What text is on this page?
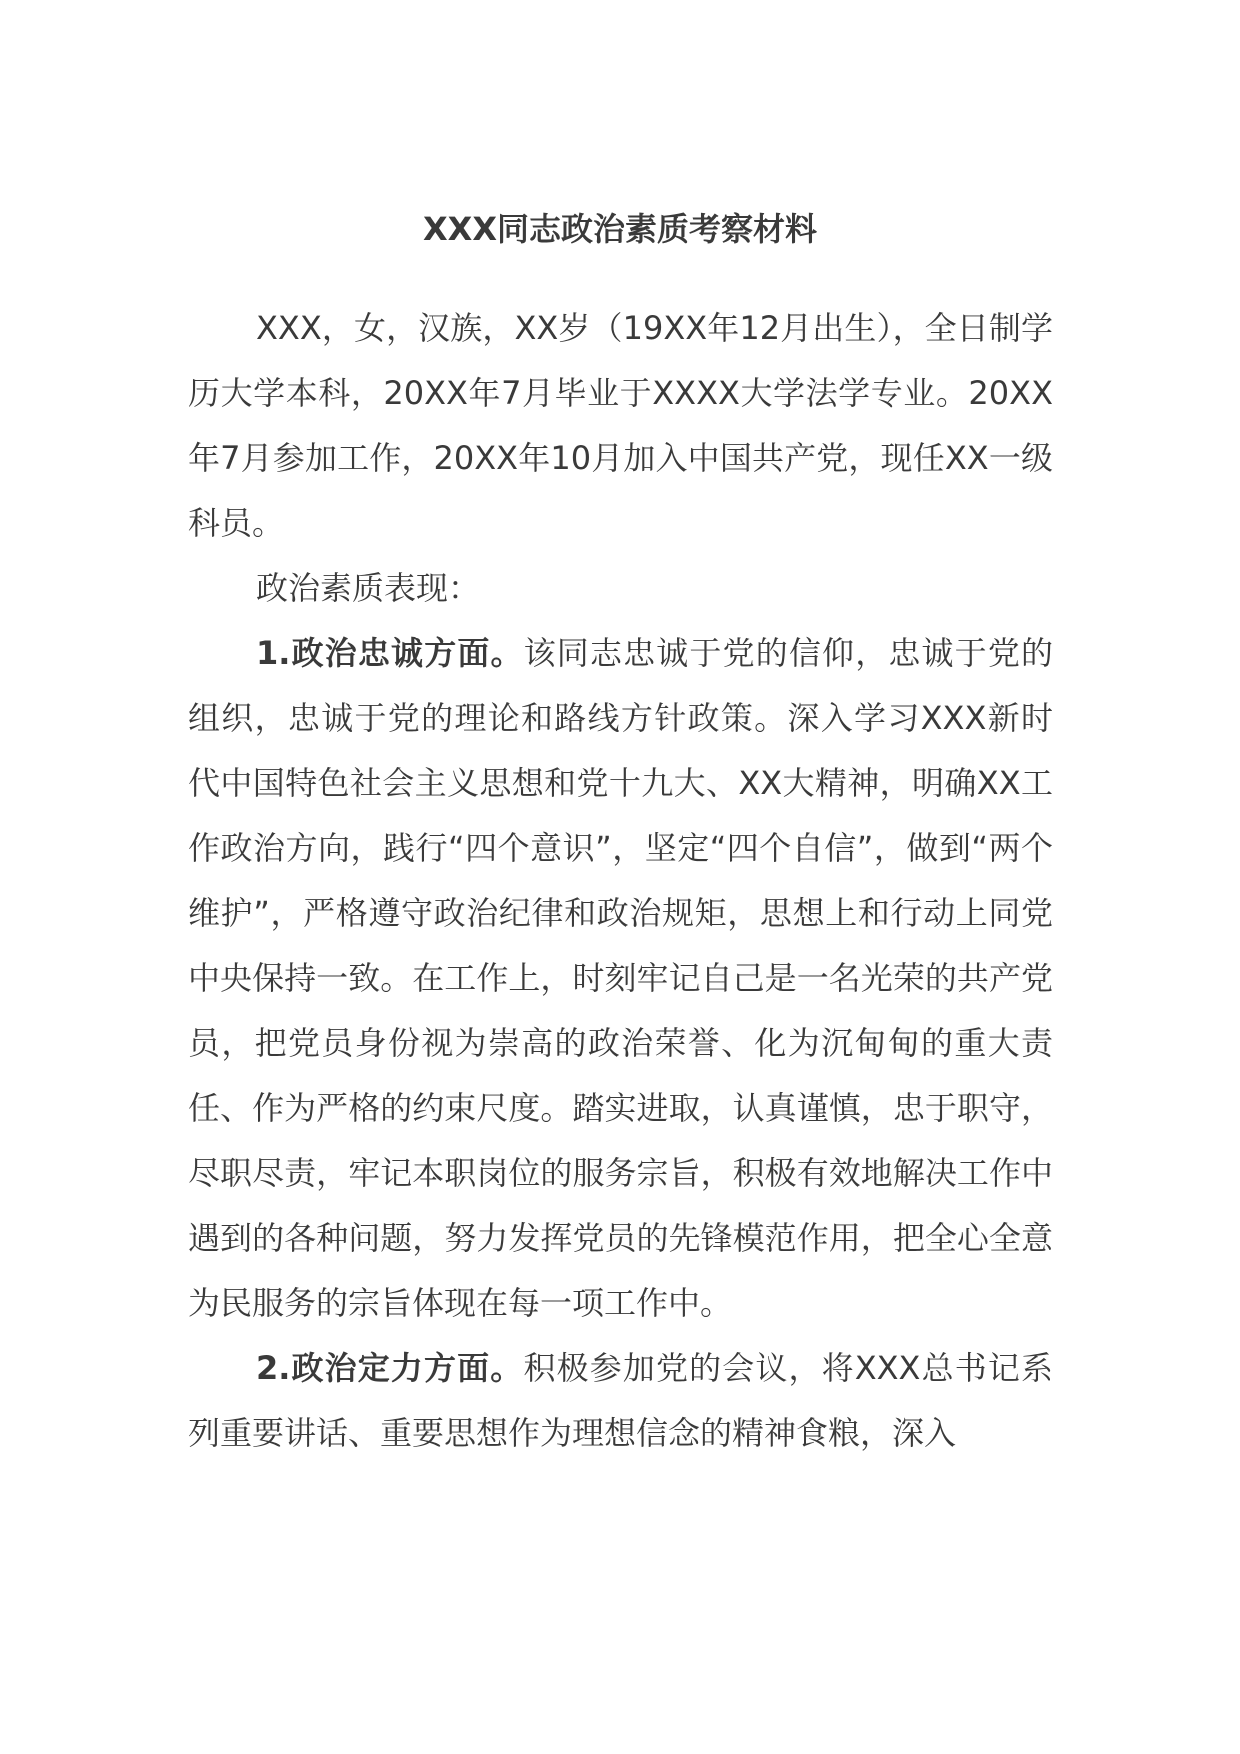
XXX同志政治素质考察材料

XXX，女，汉族，XX岁（19XX年12月出生），全日制学历大学本科，20XX年7月毕业于XXXX大学法学专业。20XX年7月参加工作，20XX年10月加入中国共产党，现任XX一级科员。

政治素质表现：

1.政治忠诚方面。该同志忠诚于党的信仰，忠诚于党的组织，忠诚于党的理论和路线方针政策。深入学习XXX新时代中国特色社会主义思想和党十九大、XX大精神，明确XX工作政治方向，践行“四个意识”，坚定“四个自信”，做到“两个维护”，严格遵守政治纪律和政治规矩，思想上和行动上同党中央保持一致。在工作上，时刻牢记自己是一名光荣的共产党员，把党员身份视为崇高的政治荣誉、化为沉甸甸的重大责任、作为严格的约束尺度。踏实进取，认真谨慎，忠于职守，尽职尽责，牢记本职岗位的服务宗旨，积极有效地解决工作中遇到的各种问题，努力发挥党员的先锋模范作用，把全心全意为民服务的宗旨体现在每一项工作中。

2.政治定力方面。积极参加党的会议，将XXX总书记系列重要讲话、重要思想作为理想信念的精神食粮，深入
